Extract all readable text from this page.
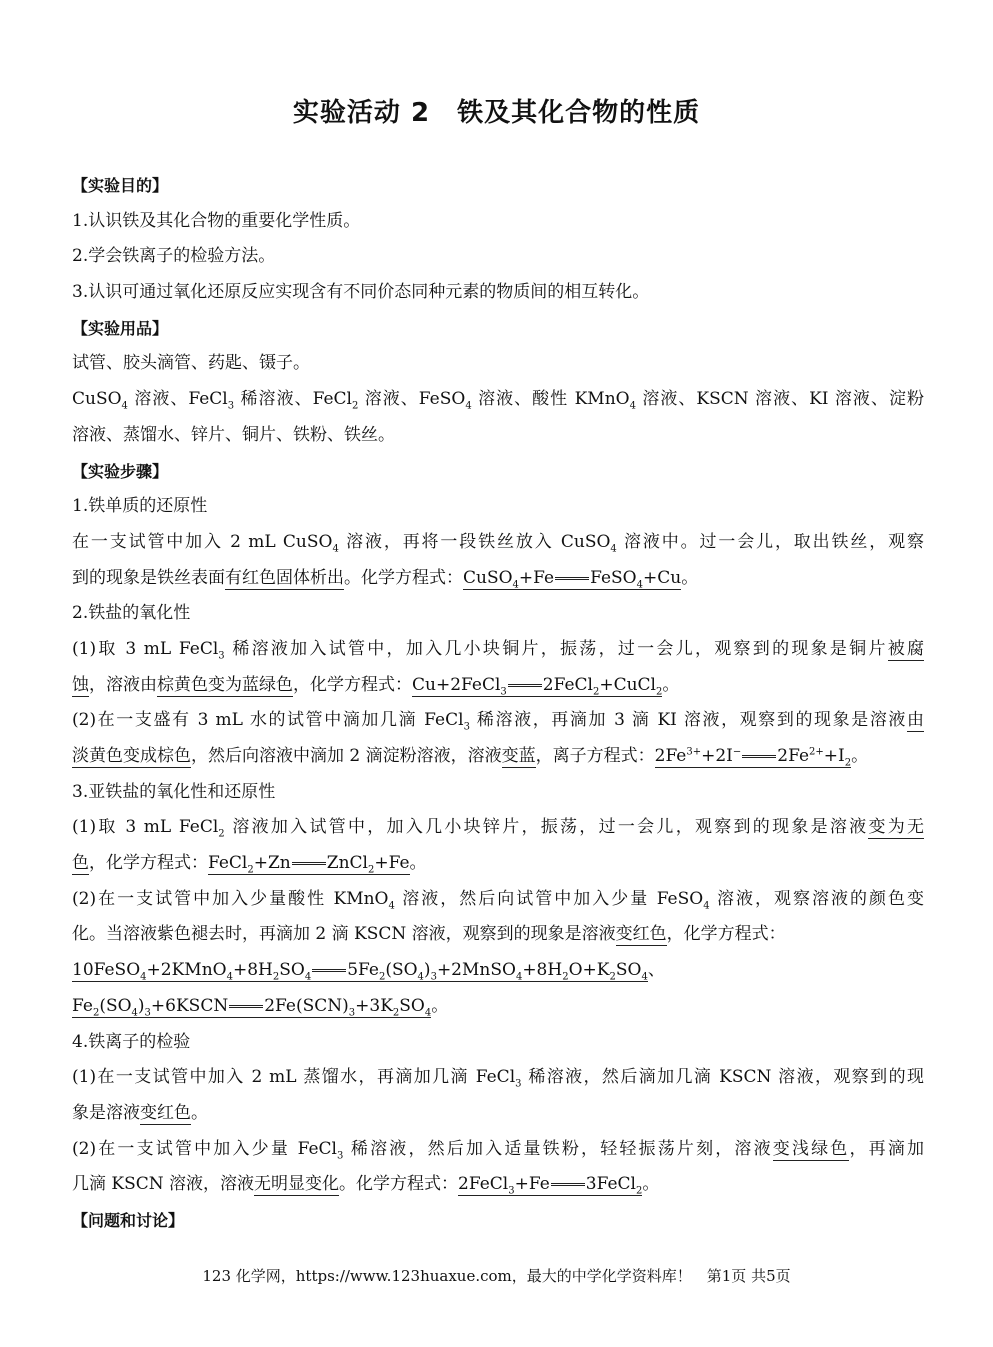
实验活动 2　铁及其化合物的性质
【实验目的】
1.认识铁及其化合物的重要化学性质。
2.学会铁离子的检验方法。
3.认识可通过氧化还原反应实现含有不同价态同种元素的物质间的相互转化。
【实验用品】
试管、胶头滴管、药匙、镊子。
CuSO$_4$ 溶液、FeCl$_3$ 稀溶液、FeCl$_2$ 溶液、FeSO$_4$ 溶液、酸性 KMnO$_4$ 溶液、KSCN 溶液、KI 溶液、淀粉
溶液、蒸馏水、锌片、铜片、铁粉、铁丝。
【实验步骤】
1.铁单质的还原性
在一支试管中加入 2 mL CuSO$_4$ 溶液，再将一段铁丝放入 CuSO$_4$ 溶液中。过一会儿，取出铁丝，观察
到的现象是铁丝表面有红色固体析出。化学方程式：CuSO$_4$+Fe FeSO$_4$+Cu。
2.铁盐的氧化性
(1)取 3 mL FeCl$_3$ 稀溶液加入试管中，加入几小块铜片，振荡，过一会儿，观察到的现象是铜片被腐
蚀，溶液由棕黄色变为蓝绿色，化学方程式：Cu+2FeCl$_3$ 2FeCl$_2$+CuCl$_2$。
(2)在一支盛有 3 mL 水的试管中滴加几滴 FeCl$_3$ 稀溶液，再滴加 3 滴 KI 溶液，观察到的现象是溶液由
淡黄色变成棕色，然后向溶液中滴加 2 滴淀粉溶液，溶液变蓝，离子方程式：$2Fe^{3+}+2I^-$ $2Fe^{2+}+I_2$。
3.亚铁盐的氧化性和还原性
(1)取 3 mL FeCl$_2$ 溶液加入试管中，加入几小块锌片，振荡，过一会儿，观察到的现象是溶液变为无
色，化学方程式：FeCl$_2$+Zn ZnCl$_2$+Fe。
(2)在一支试管中加入少量酸性 KMnO$_4$ 溶液，然后向试管中加入少量 FeSO$_4$ 溶液，观察溶液的颜色变
化。当溶液紫色褪去时，再滴加 2 滴 KSCN 溶液，观察到的现象是溶液变红色，化学方程式：
$10FeSO_4+2KMnO_4+8H_2SO_4$ $5Fe_2(SO_4)_3+2MnSO_4+8H_2O+K_2SO_4$、
$Fe_2(SO_4)_3+6KSCN$ $2Fe(SCN)_3+3K_2SO_4$。
4.铁离子的检验
(1)在一支试管中加入 2 mL 蒸馏水，再滴加几滴 FeCl$_3$ 稀溶液，然后滴加几滴 KSCN 溶液，观察到的现
象是溶液变红色。
(2)在一支试管中加入少量 FeCl$_3$ 稀溶液，然后加入适量铁粉，轻轻振荡片刻，溶液变浅绿色，再滴加
几滴 KSCN 溶液，溶液无明显变化。化学方程式：2FeCl$_3$+Fe 3FeCl$_2$。
【问题和讨论】
123 化学网，https://www.123huaxue.com，最大的中学化学资料库！　第1页 共5页
